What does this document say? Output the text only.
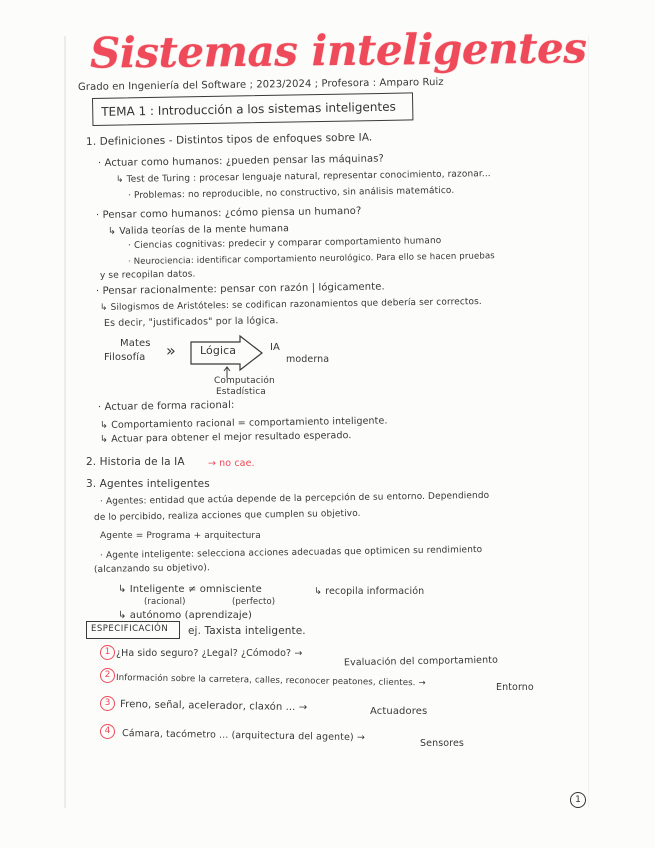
Sistemas inteligentes
Grado en Ingeniería del Software ; 2023/2024 ; Profesora : Amparo Ruiz
TEMA 1 : Introducción a los sistemas inteligentes
1. Definiciones - Distintos tipos de enfoques sobre IA.
· Actuar como humanos: ¿pueden pensar las máquinas?
↳ Test de Turing : procesar lenguaje natural, representar conocimiento, razonar...
· Problemas: no reproducible, no constructivo, sin análisis matemático.
· Pensar como humanos: ¿cómo piensa un humano?
↳ Valida teorías de la mente humana
· Ciencias cognitivas: predecir y comparar comportamiento humano
· Neurociencia: identificar comportamiento neurológico. Para ello se hacen pruebas
y se recopilan datos.
· Pensar racionalmente: pensar con razón | lógicamente.
↳ Silogismos de Aristóteles: se codifican razonamientos que debería ser correctos.
Es decir, "justificados" por la lógica.
Mates
Filosofía » Lógica	IA
moderna
Computación
Estadística
· Actuar de forma racional:
↳ Comportamiento racional = comportamiento inteligente.
↳ Actuar para obtener el mejor resultado esperado.
2. Historia de la IA → no cae.
3. Agentes inteligentes
· Agentes: entidad que actúa depende de la percepción de su entorno. Dependiendo
de lo percibido, realiza acciones que cumplen su objetivo.
Agente = Programa + arquitectura
· Agente inteligente: selecciona acciones adecuadas que optimicen su rendimiento
(alcanzando su objetivo).
↳ Inteligente ≠ omnisciente
(racional)	(perfecto)
↳ recopila información
↳ autónomo (aprendizaje)
ESPECIFICACIÓN ej. Taxista inteligente.
1 ¿Ha sido seguro? ¿Legal? ¿Cómodo? →
Evaluación del comportamiento
2 Información sobre la carretera, calles, reconocer peatones, clientes. →	Entorno
3 Freno, señal, acelerador, claxón ... →	Actuadores
4	Cámara, tacómetro ... (arquitectura del agente) →
Sensores
1
